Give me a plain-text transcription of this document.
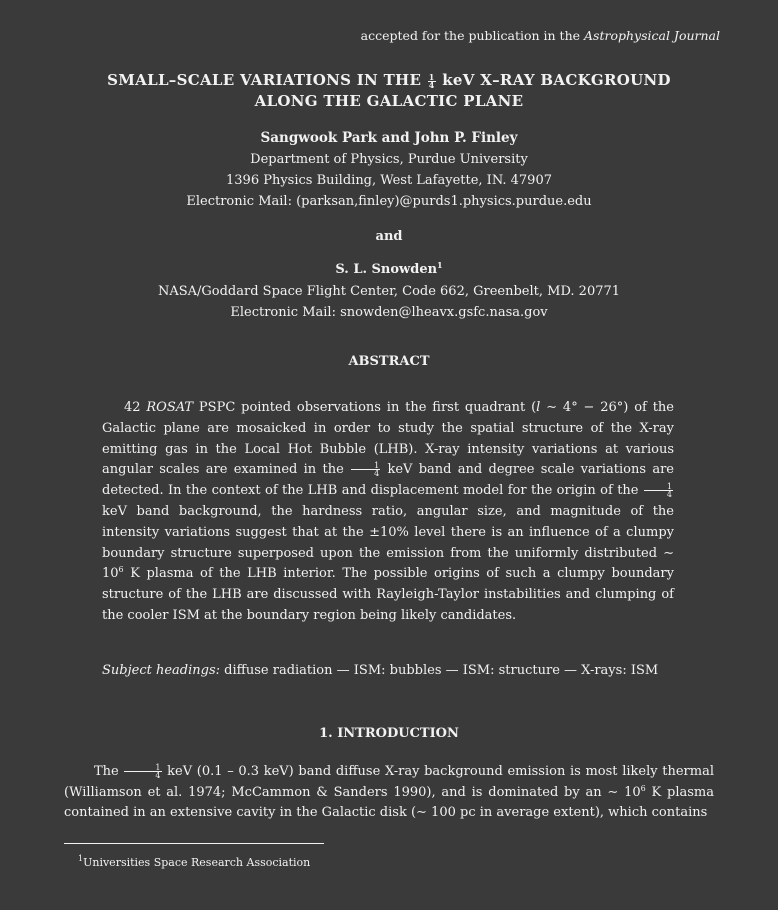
accepted for the publication in the Astrophysical Journal
SMALL–SCALE VARIATIONS IN THE $\frac{1}{4}$ keV X–RAY BACKGROUND
ALONG THE GALACTIC PLANE
Sangwook Park and John P. Finley
Department of Physics, Purdue University
1396 Physics Building, West Lafayette, IN. 47907
Electronic Mail: (parksan,finley)@purds1.physics.purdue.edu
and
S. L. Snowden$^1$
NASA/Goddard Space Flight Center, Code 662, Greenbelt, MD. 20771
Electronic Mail: snowden@lheavx.gsfc.nasa.gov
ABSTRACT

42 ROSAT PSPC pointed observations in the first quadrant (l ∼ 4° − 26°) of the Galactic plane are mosaicked in order to study the spatial structure of the X-ray emitting gas in the Local Hot Bubble (LHB). X-ray intensity variations at various angular scales are examined in the $\frac{1}{4}$ keV band and degree scale variations are detected. In the context of the LHB and displacement model for the origin of the $\frac{1}{4}$
keV band background, the hardness ratio, angular size, and magnitude of the intensity variations suggest that at the ±10% level there is an influence of a clumpy boundary structure superposed upon the emission from the uniformly distributed ∼ $10^6$ K plasma of the LHB interior. The possible origins of such a clumpy boundary structure of the LHB are discussed with Rayleigh-Taylor instabilities and clumping of the cooler ISM at the boundary region being likely candidates.

Subject headings: diffuse radiation — ISM: bubbles — ISM: structure — X-rays: ISM
1. INTRODUCTION

The $\frac{1}{4}$ keV (0.1 – 0.3 keV) band diffuse X-ray background emission is most likely thermal (Williamson et al. 1974; McCammon & Sanders 1990), and is dominated by an ∼ $10^6$ K plasma contained in an extensive cavity in the Galactic disk (∼ 100 pc in average extent), which contains

$^1$Universities Space Research Association
